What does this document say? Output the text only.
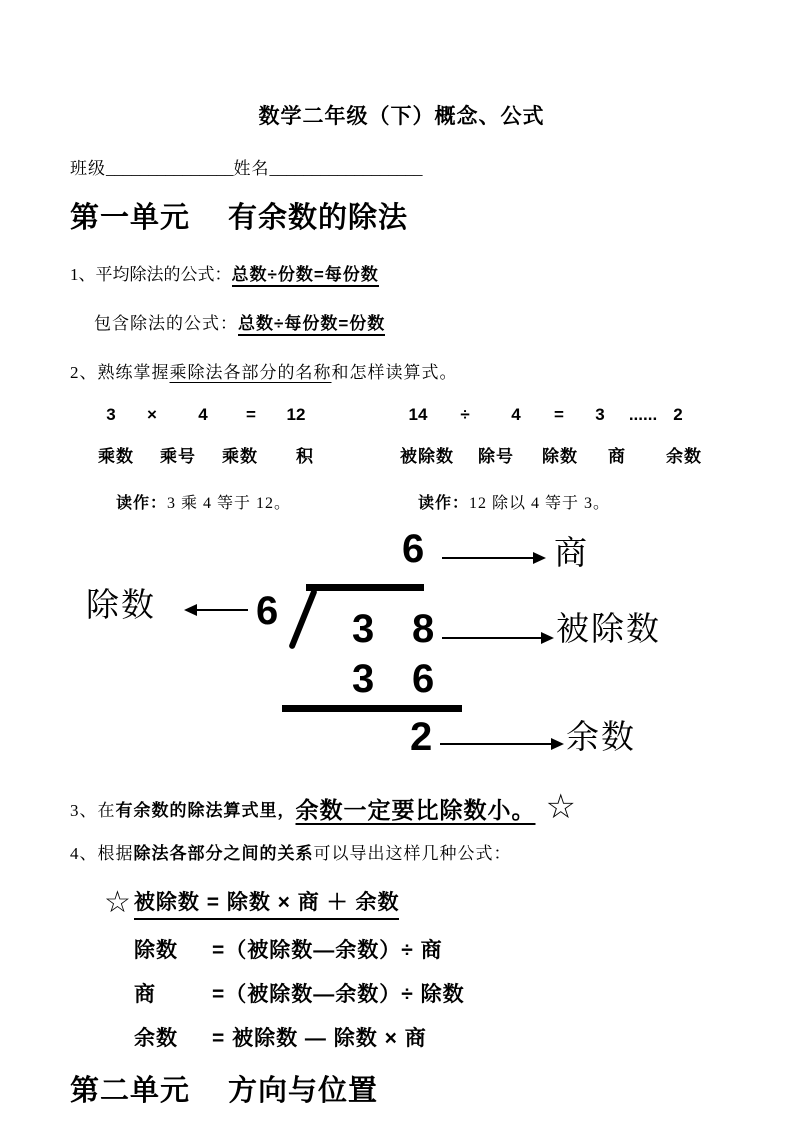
数学二年级（下）概念、公式
班级_______________姓名__________________
第一单元 有余数的除法
1、平均除法的公式：总数÷份数=每份数
包含除法的公式：总数÷每份数=份数
2、熟练掌握乘除法各部分的名称和怎样读算式。
3	×	4	=	12
乘数	乘号	乘数	积
读作：3 乘 4 等于 12。
14	÷	4	=	3	...... 2
被除数	除号	除数	商	余数
读作：12 除以 4 等于 3。
6	商
除数	6 3 8	被除数
3 6
2	余数
3、在 有余数的除法算式里， 余数一定要比除数小。 ☆
4、根据除法各部分之间的关系可以导出这样几种公式：
☆ 被除数 = 除数 × 商 ＋ 余数
除数	=（被除数—余数）÷ 商
商	=（被除数—余数）÷ 除数
余数	= 被除数 — 除数 × 商
第二单元 方向与位置
